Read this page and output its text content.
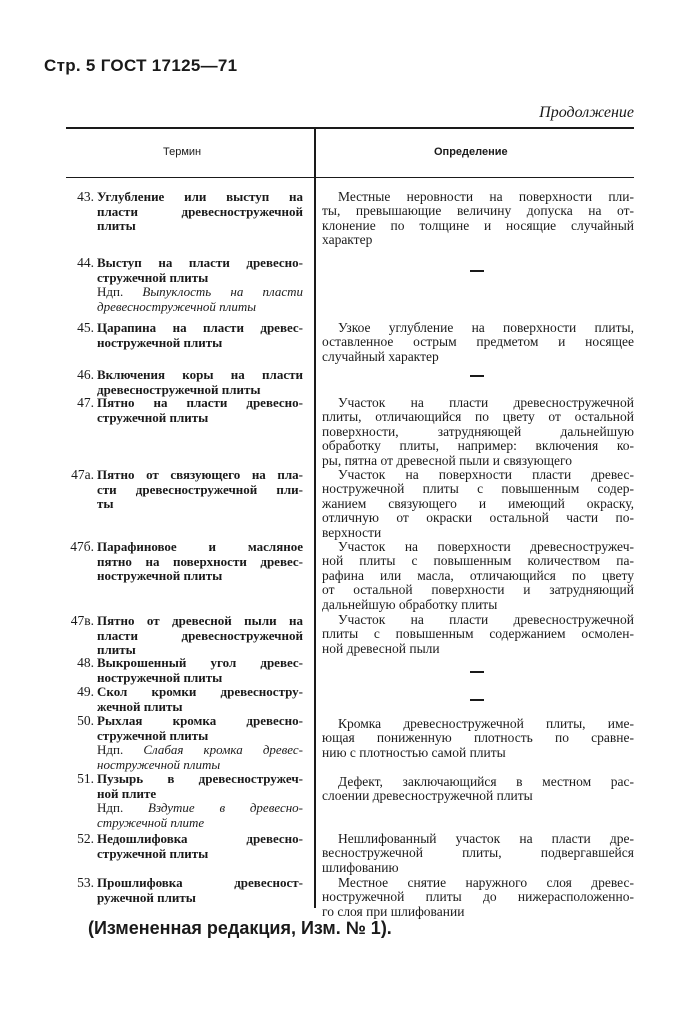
Стр. 5 ГОСТ 17125—71
Продолжение
Термин	Определение
43. Углубление или выступ на
пласти древесностружечной
плиты
Местные неровности на поверхности пли-
ты, превышающие величину допуска на от-
клонение по толщине и носящие случайный
характер
44. Выступ на пласти древесно-
стружечной плиты
Ндп. Выпуклость на пласти
древесностружечной плиты
45. Царапина на пласти древес-
ностружечной плиты
Узкое углубление на поверхности плиты,
оставленное острым предметом и носящее
случайный характер
46. Включения коры на пласти
древесностружечной плиты
47. Пятно на пласти древесно-
стружечной плиты
Участок на пласти древесностружечной
плиты, отличающийся по цвету от остальной
поверхности, затрудняющей дальнейшую
обработку плиты, например: включения ко-
ры, пятна от древесной пыли и связующего
47а. Пятно от связующего на пла-
сти древесностружечной пли-
ты
Участок на поверхности пласти древес-
ностружечной плиты с повышенным содер-
жанием связующего и имеющий окраску,
отличную от окраски остальной части по-
верхности
47б. Парафиновое и масляное
пятно на поверхности древес-
ностружечной плиты
Участок на поверхности древесностружеч-
ной плиты с повышенным количеством па-
рафина или масла, отличающийся по цвету
от остальной поверхности и затрудняющий
дальнейшую обработку плиты
47в. Пятно от древесной пыли на
пласти древесностружечной
плиты
Участок на пласти древесностружечной
плиты с повышенным содержанием осмолен-
ной древесной пыли
48. Выкрошенный угол древес-
ностружечной плиты
49. Скол кромки древесностру-
жечной плиты
50. Рыхлая кромка древесно-
стружечной плиты
Ндп. Слабая кромка древес-
ностружечной плиты
Кромка древесностружечной плиты, име-
ющая пониженную плотность по сравне-
нию с плотностью самой плиты
51. Пузырь в древесностружеч-
ной плите
Ндп. Вздутие в древесно-
стружечной плите
Дефект, заключающийся в местном рас-
слоении древесностружечной плиты
52. Недошлифовка древесно-
стружечной плиты
Нешлифованный участок на пласти дре-
весностружечной плиты, подвергавшейся
шлифованию
53. Прошлифовка древесност-
ружечной плиты
Местное снятие наружного слоя древес-
ностружечной плиты до нижерасположенно-
го слоя при шлифовании
(Измененная редакция, Изм. № 1).
